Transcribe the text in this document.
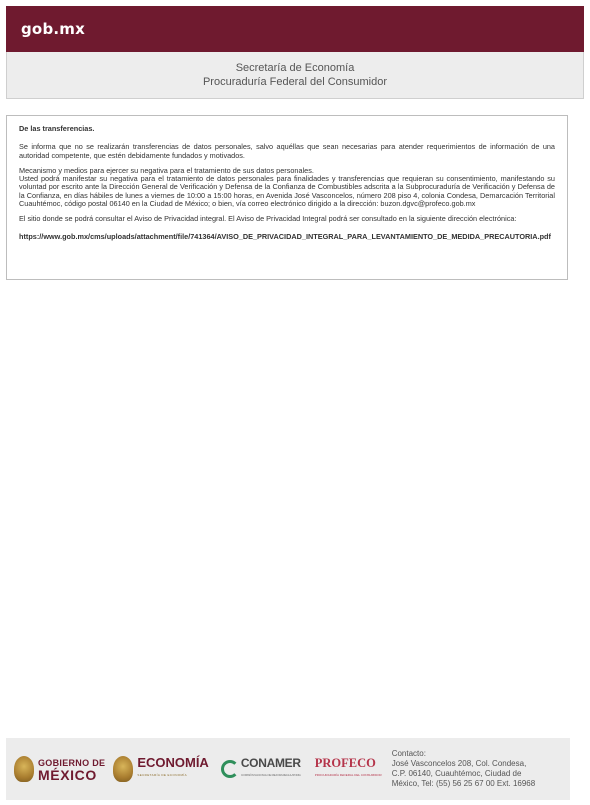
gob.mx
Secretaría de Economía
Procuraduría Federal del Consumidor
De las transferencias.

Se informa que no se realizarán transferencias de datos personales, salvo aquéllas que sean necesarias para atender requerimientos de información de una autoridad competente, que estén debidamente fundados y motivados.

Mecanismo y medios para ejercer su negativa para el tratamiento de sus datos personales.

Usted podrá manifestar su negativa para el tratamiento de datos personales para finalidades y transferencias que requieran su consentimiento, manifestando su voluntad por escrito ante la Dirección General de Verificación y Defensa de la Confianza de Combustibles adscrita a la Subprocuraduría de Verificación y Defensa de la Confianza, en días hábiles de lunes a viernes de 10:00 a 15:00 horas, en Avenida José Vasconcelos, número 208 piso 4, colonia Condesa, Demarcación Territorial Cuauhtémoc, código postal 06140 en la Ciudad de México; o bien, vía correo electrónico dirigido a la dirección: buzon.dgvc@profeco.gob.mx

El sitio donde se podrá consultar el Aviso de Privacidad integral. El Aviso de Privacidad Integral podrá ser consultado en la siguiente dirección electrónica:

https://www.gob.mx/cms/uploads/attachment/file/741364/AVISO_DE_PRIVACIDAD_INTEGRAL_PARA_LEVANTAMIENTO_DE_MEDIDA_PRECAUTORIA.pdf
GOBIERNO DE
MÉXICO
ECONOMÍA
SECRETARÍA DE ECONOMÍA
CONAMER
COMISIÓN NACIONAL DE MEJORA REGULATORIA
PROFECO
PROCURADURÍA FEDERAL DEL CONSUMIDOR
Contacto:
José Vasconcelos 208, Col. Condesa,
C.P. 06140, Cuauhtémoc, Ciudad de
México, Tel: (55) 56 25 67 00 Ext. 16968
